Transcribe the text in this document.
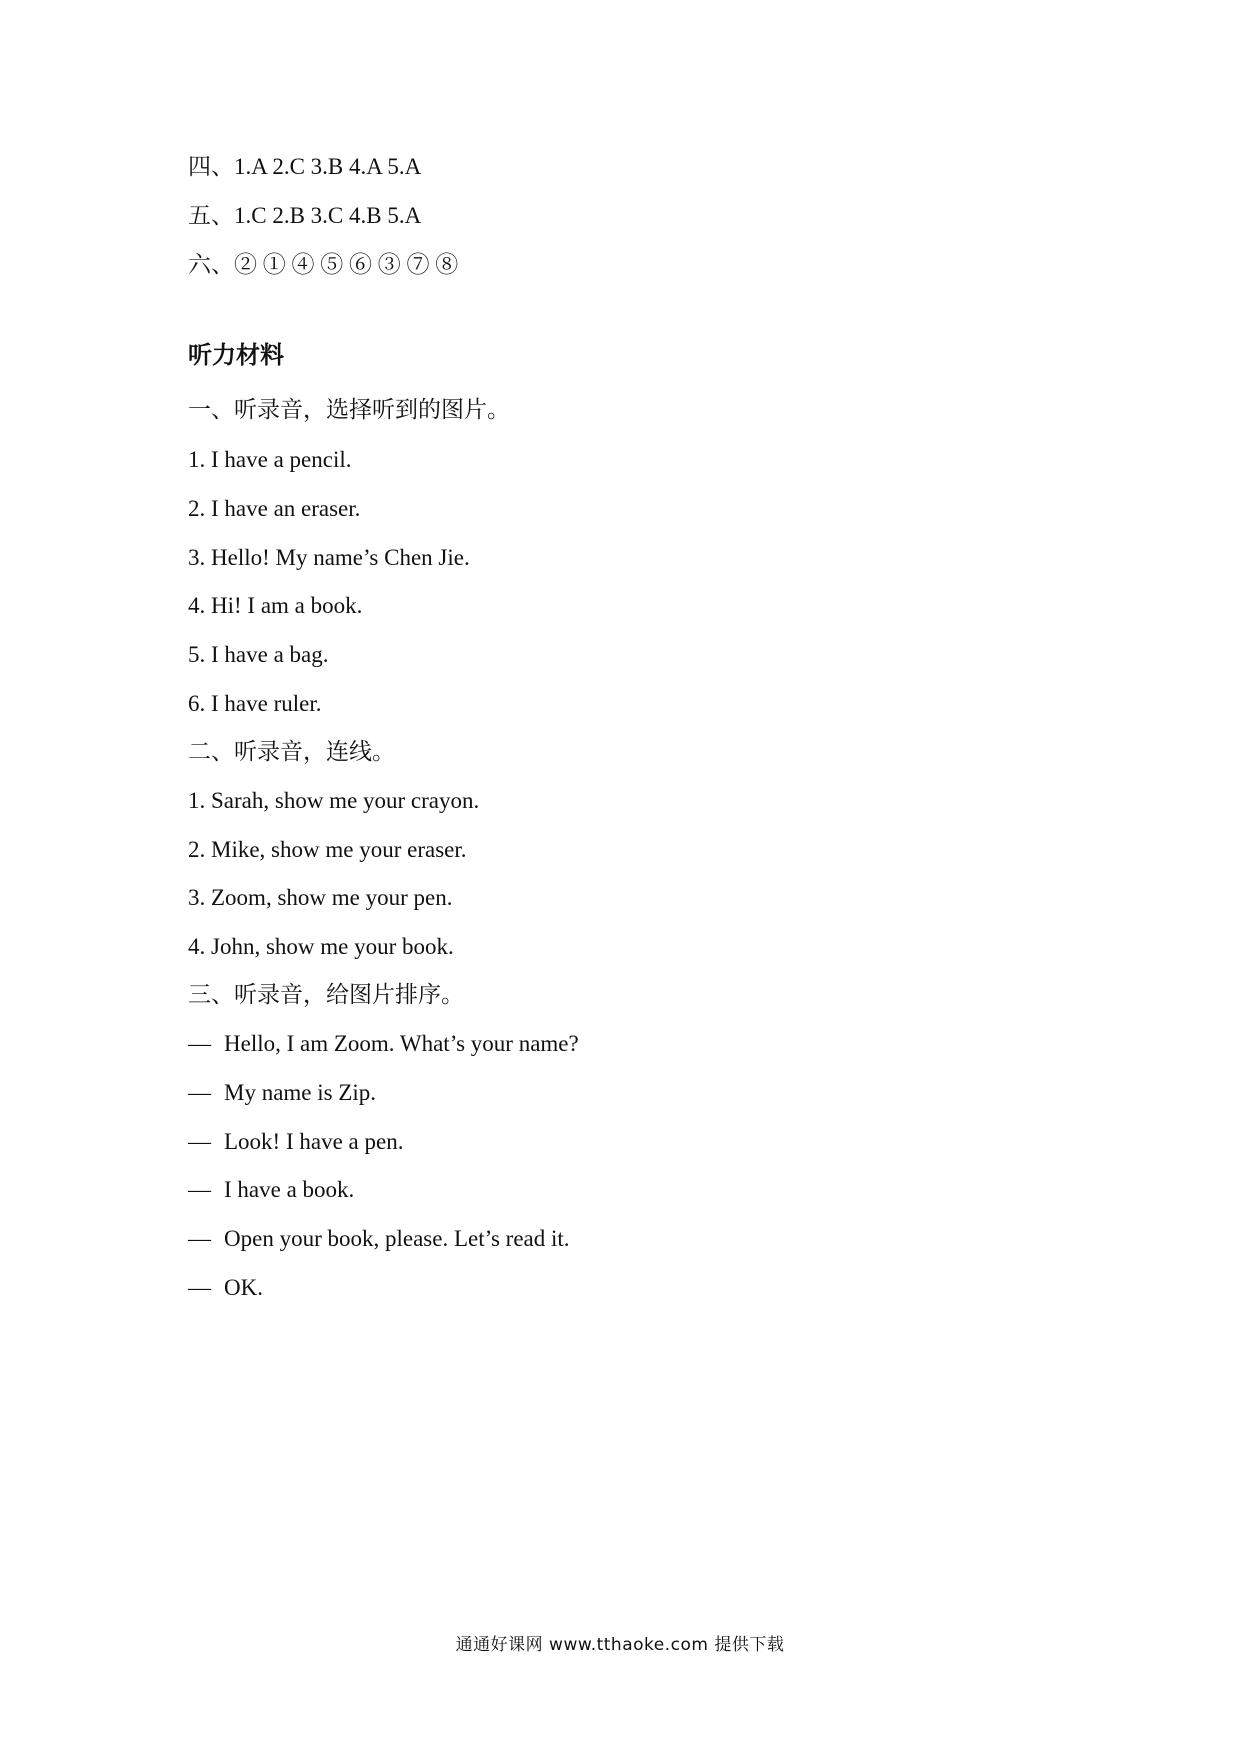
四、1.A 2.C 3.B 4.A 5.A
五、1.C 2.B 3.C 4.B 5.A
六、② ① ④ ⑤ ⑥ ③ ⑦ ⑧
听力材料
一、听录音，选择听到的图片。
1. I have a pencil.
2. I have an eraser.
3. Hello! My name’s Chen Jie.
4. Hi! I am a book.
5. I have a bag.
6. I have ruler.
二、听录音，连线。
1. Sarah, show me your crayon.
2. Mike, show me your eraser.
3. Zoom, show me your pen.
4. John, show me your book.
三、听录音，给图片排序。
— Hello, I am Zoom. What’s your name?
— My name is Zip.
— Look! I have a pen.
— I have a book.
— Open your book, please. Let’s read it.
— OK.
通通好课网 www.tthaoke.com 提供下载
